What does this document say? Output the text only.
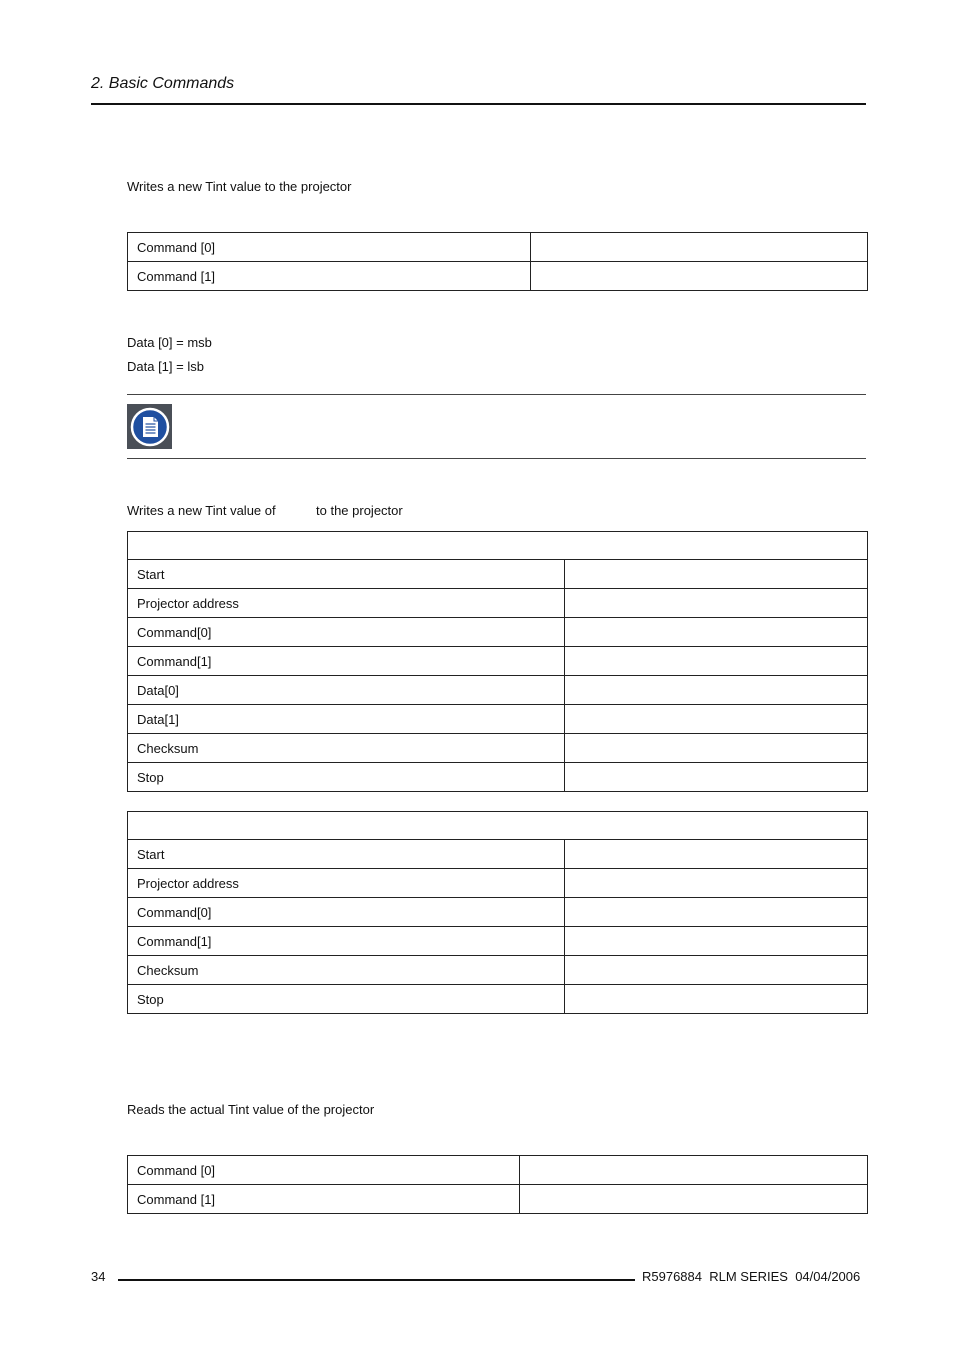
2. Basic Commands
Writes a new Tint value to the projector
Command [0]	
Command [1]	
Data [0] = msb
Data [1] = lsb
Writes a new Tint value of	to the projector

Start	
Projector address	
Command[0]	
Command[1]	
Data[0]	
Data[1]	
Checksum	
Stop	

Start	
Projector address	
Command[0]	
Command[1]	
Checksum	
Stop	
Reads the actual Tint value of the projector
Command [0]	
Command [1]	
34	R5976884  RLM SERIES  04/04/2006
